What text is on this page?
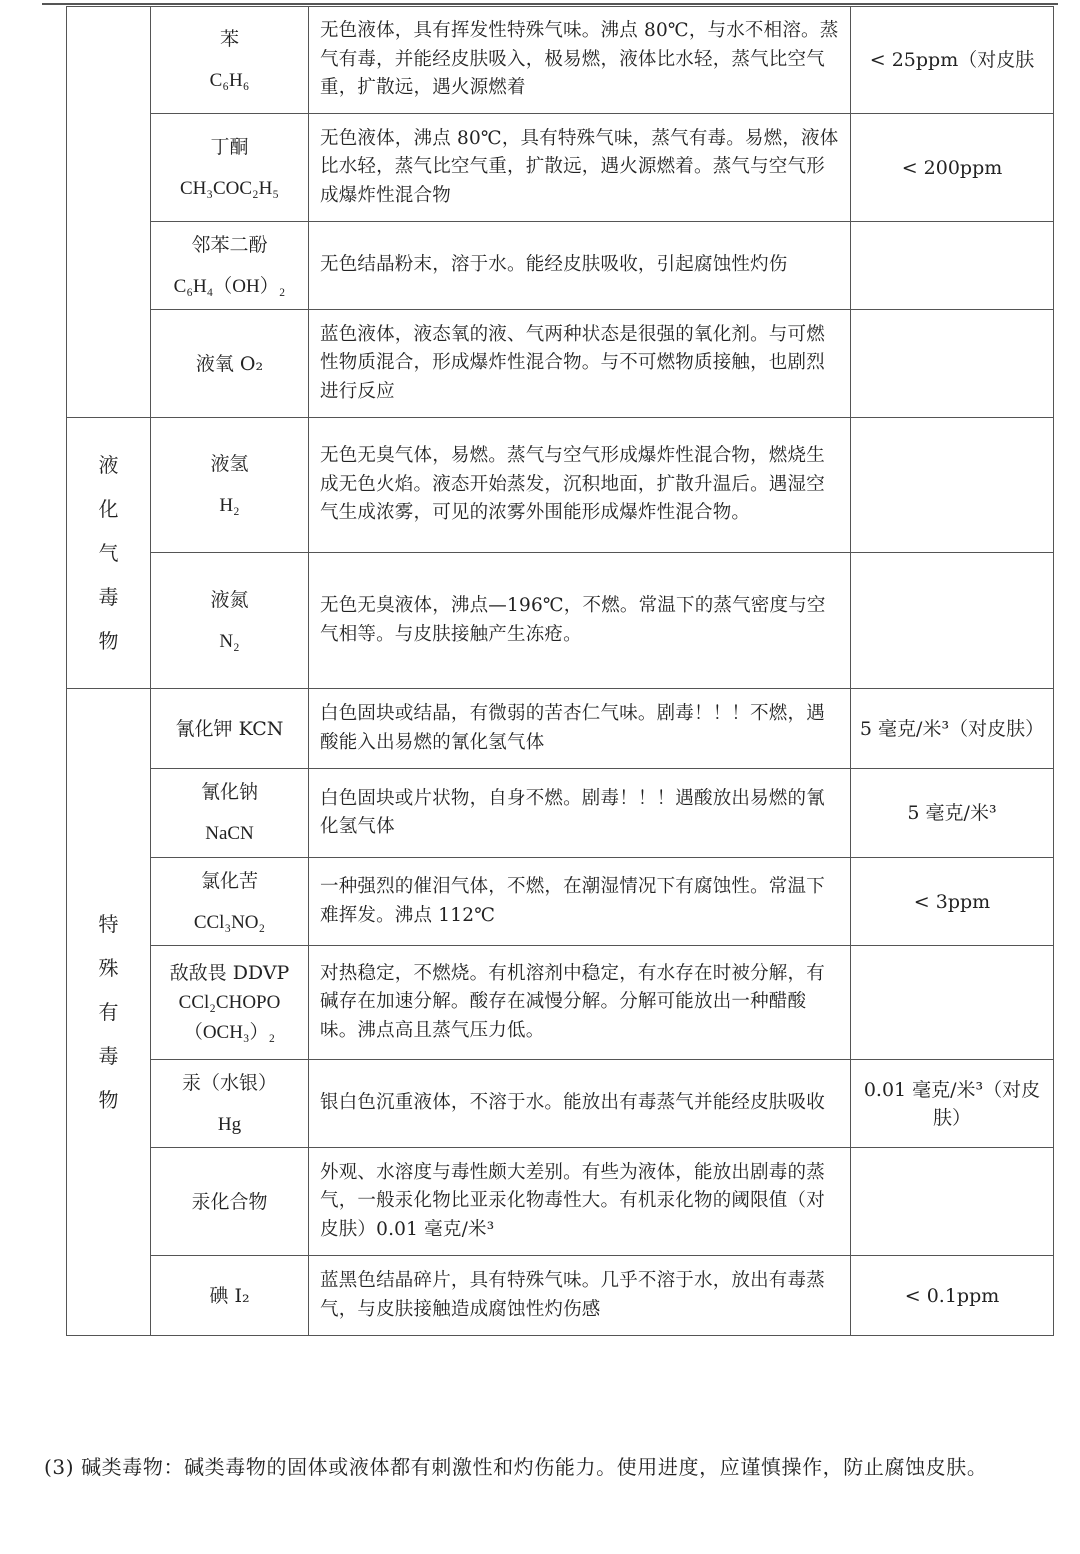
	苯
C₆H₆	无色液体，具有挥发性特殊气味。沸点 80℃，与水不相溶。蒸气有毒，并能经皮肤吸入，极易燃，液体比水轻，蒸气比空气重，扩散远，遇火源燃着	< 25ppm（对皮肤

	丁酮
CH₃COC₂H₅	无色液体，沸点 80℃，具有特殊气味，蒸气有毒。易燃，液体比水轻，蒸气比空气重，扩散远，遇火源燃着。蒸气与空气形成爆炸性混合物	< 200ppm

	邻苯二酚
C₆H₄（OH）₂	无色结晶粉末，溶于水。能经皮肤吸收，引起腐蚀性灼伤	

	液氧 O₂	蓝色液体，液态氧的液、气两种状态是很强的氧化剂。与可燃性物质混合，形成爆炸性混合物。与不可燃物质接触，也剧烈进行反应	

液
化
气
毒
物	液氢
H₂	无色无臭气体，易燃。蒸气与空气形成爆炸性混合物，燃烧生成无色火焰。液态开始蒸发，沉积地面，扩散升温后。遇湿空气生成浓雾，可见的浓雾外围能形成爆炸性混合物。	

	液氮
N₂	无色无臭液体，沸点—196℃，不燃。常温下的蒸气密度与空气相等。与皮肤接触产生冻疮。	

特
殊
有
毒
物	氰化钾 KCN	白色固块或结晶，有微弱的苦杏仁气味。剧毒！！！不燃，遇酸能入出易燃的氰化氢气体	5 毫克/米³（对皮肤）

	氰化钠
NaCN	白色固块或片状物，自身不燃。剧毒！！！遇酸放出易燃的氰化氢气体	5 毫克/米³

	氯化苦
CCl₃NO₂	一种强烈的催泪气体，不燃，在潮湿情况下有腐蚀性。常温下难挥发。沸点 112℃	< 3ppm

	敌敌畏 DDVP
CCl₂CHOPO（OCH₃）₂	对热稳定，不燃烧。有机溶剂中稳定，有水存在时被分解，有碱存在加速分解。酸存在减慢分解。分解可能放出一种醋酸味。沸点高且蒸气压力低。	

	汞（水银）
Hg	银白色沉重液体，不溶于水。能放出有毒蒸气并能经皮肤吸收	0.01 毫克/米³（对皮肤）

	汞化合物	外观、水溶度与毒性颇大差别。有些为液体，能放出剧毒的蒸气，一般汞化物比亚汞化物毒性大。有机汞化物的阈限值（对皮肤）0.01 毫克/米³	

	碘 I₂	蓝黑色结晶碎片，具有特殊气味。几乎不溶于水，放出有毒蒸气，与皮肤接触造成腐蚀性灼伤感	< 0.1ppm

(3) 碱类毒物：碱类毒物的固体或液体都有刺激性和灼伤能力。使用进度，应谨慎操作，防止腐蚀皮肤。
